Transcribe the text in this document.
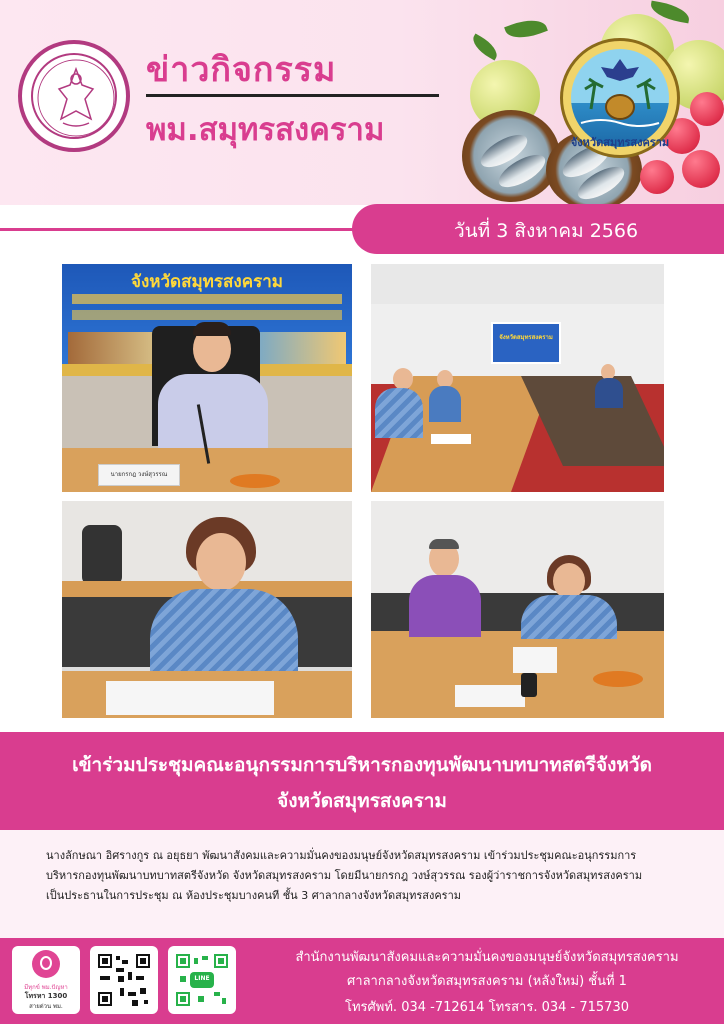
ข่าวกิจกรรม
พม.สมุทรสงคราม	จังหวัดสมุทรสงคราม
วันที่ 3 สิงหาคม 2566
จังหวัดสมุทรสงคราม
นายกรกฎ วงษ์สุวรรณ
จังหวัดสมุทรสงคราม
เข้าร่วมประชุมคณะอนุกรรมการบริหารกองทุนพัฒนาบทบาทสตรีจังหวัด
จังหวัดสมุทรสงคราม
นางลักษณา อิศรางกูร ณ อยุธยา พัฒนาสังคมและความมั่นคงของมนุษย์จังหวัดสมุทรสงคราม เข้าร่วมประชุมคณะอนุกรรมการ
บริหารกองทุนพัฒนาบทบาทสตรีจังหวัด จังหวัดสมุทรสงคราม โดยมีนายกรกฎ วงษ์สุวรรณ รองผู้ว่าราชการจังหวัดสมุทรสงคราม
เป็นประธานในการประชุม ณ ห้องประชุมบางคนที ชั้น 3 ศาลากลางจังหวัดสมุทรสงคราม
มีทุกข์ พม.ปัญหา
โทรหา 1300
สายด่วน พม.
LINE
สำนักงานพัฒนาสังคมและความมั่นคงของมนุษย์จังหวัดสมุทรสงคราม
ศาลากลางจังหวัดสมุทรสงคราม (หลังใหม่) ชั้นที่ 1
โทรศัพท์. 034 -712614 โทรสาร. 034 - 715730
